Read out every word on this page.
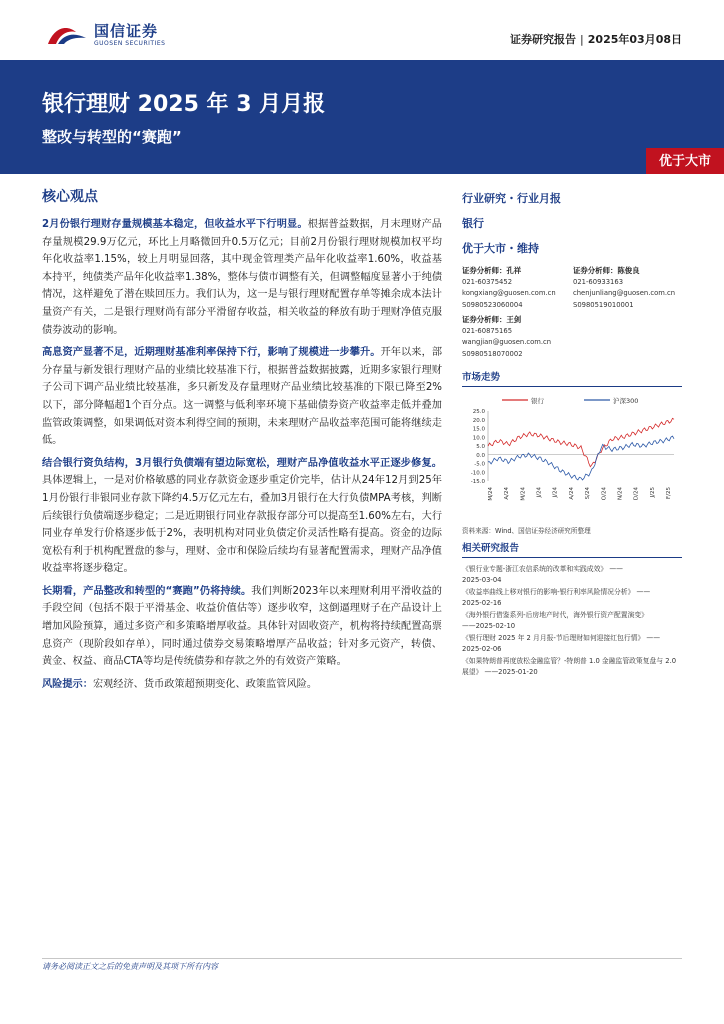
国信证券
GUOSEN SECURITIES	证券研究报告 | 2025年03月08日
银行理财 2025 年 3 月月报
整改与转型的“赛跑”
优于大市
核心观点

2月份银行理财存量规模基本稳定，但收益水平下行明显。根据普益数据，月末理财产品存量规模29.9万亿元，环比上月略微回升0.5万亿元；目前2月份银行理财规模加权平均年化收益率1.15%，较上月明显回落，其中现金管理类产品年化收益率1.60%，收益基本持平，纯债类产品年化收益率1.38%，整体与债市调整有关，但调整幅度显著小于纯债情况，这样避免了潜在赎回压力。我们认为，这一是与银行理财配置存单等摊余成本法计量资产有关，二是银行理财尚有部分平滑留存收益，相关收益的释放有助于理财净值克服债券波动的影响。

高息资产显著不足，近期理财基准利率保持下行，影响了规模进一步攀升。开年以来，部分存量与新发银行理财产品的业绩比较基准下行，根据普益数据披露，近期多家银行理财子公司下调产品业绩比较基准，多只新发及存量理财产品业绩比较基准的下限已降至2%以下，部分降幅超1个百分点。这一调整与低利率环境下基础债券资产收益率走低并叠加监管政策调整，如果调低对资本利得空间的预期，未来理财产品收益率范围可能将继续走低。

结合银行资负结构，3月银行负债端有望边际宽松，理财产品净值收益水平正逐步修复。具体逻辑上，一是对价格敏感的同业存款资金逐步重定价完毕，估计从24年12月到25年1月份银行非银同业存款下降约4.5万亿元左右，叠加3月银行在大行负债MPA考核，判断后续银行负债端逐步稳定；二是近期银行同业存款报存部分可以提高至1.60%左右，大行同业存单发行价格逐步低于2%，表明机构对同业负债定价灵活性略有提高。资金的边际宽松有利于机构配置盘的参与，理财、金市和保险后续均有显著配置需求，理财产品净值收益率将逐步稳定。

长期看，产品整改和转型的“赛跑”仍将持续。我们判断2023年以来理财利用平滑收益的手段空间（包括不限于平滑基金、收益价值估等）逐步收窄，这倒逼理财子在产品设计上增加风险预算，通过多资产和多策略增厚收益。具体针对固收资产，机构将持续配置高票息资产（现阶段如存单），同时通过债券交易策略增厚产品收益；针对多元资产，转债、黄金、权益、商品CTA等均是传统债券和存款之外的有效资产策略。

风险提示：宏观经济、货币政策超预期变化、政策监管风险。

行业研究・行业月报
银行
优于大市・维持
证券分析师：孔祥
021-60375452
kongxiang@guosen.com.cn
S0980523060004
证券分析师：陈俊良
021-60933163
chenjunliang@guosen.com.cn
S0980519010001
证券分析师：王剑
021-60875165
wangjian@guosen.com.cn
S0980518070002
市场走势
银行	沪深300
25.0
20.0
15.0
10.0
5.0
0.0
-5.0
-10.0
-15.0
M/24 A/24 M/24 J/24 J/24 A/24 S/24 O/24 N/24 D/24 J/25 F/25
资料来源：Wind、国信证券经济研究所整理
相关研究报告
《银行业专题-浙江农信系统的改革和实践成效》 ——
2025-03-04
《收益率曲线上移对银行的影响-银行利率风险情况分析》 ——
2025-02-16
《海外银行借鉴系列-后房地产时代，海外银行资产配置演变》
——2025-02-10
《银行理财 2025 年 2 月月报-节后理财如何迎接红包行情》 ——
2025-02-06
《如果特朗普再度放松金融监管？-特朗普 1.0 金融监管政策复盘与 2.0 展望》 ——2025-01-20
请务必阅读正文之后的免责声明及其项下所有内容
